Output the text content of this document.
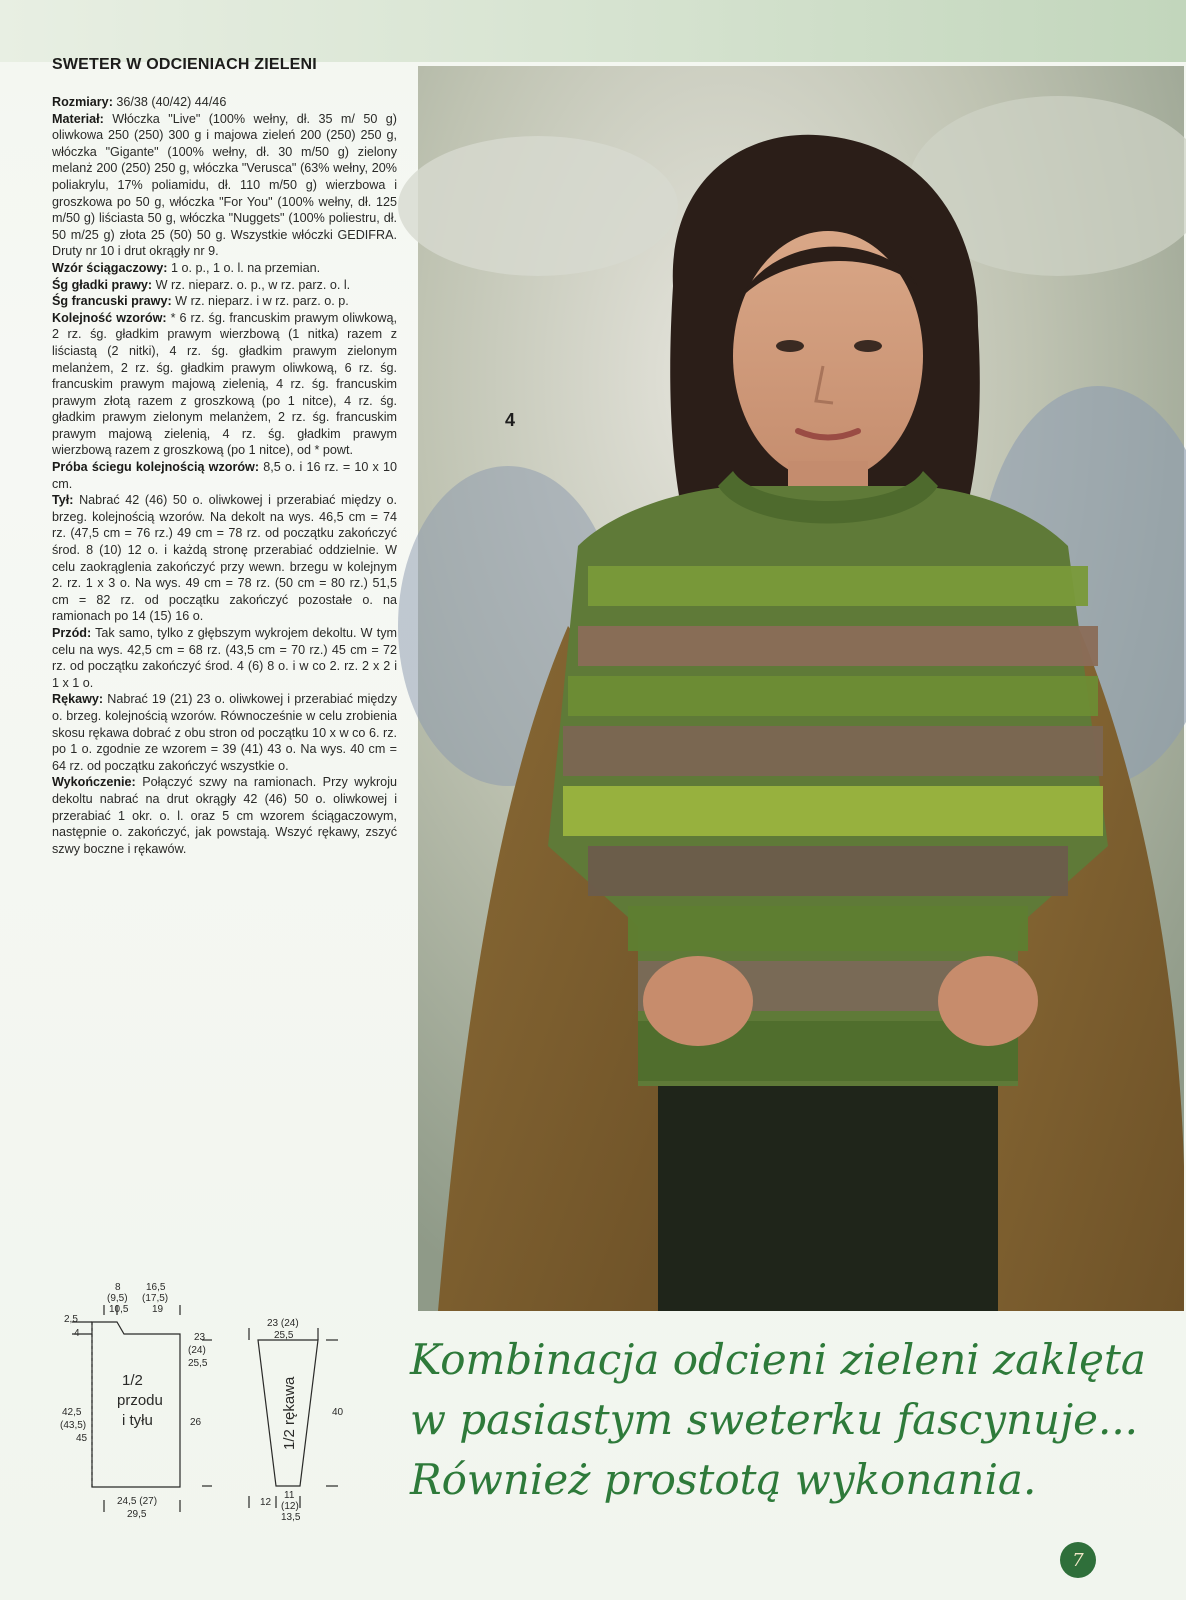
SWETER W ODCIENIACH ZIELENI

Rozmiary: 36/38 (40/42) 44/46

Materiał: Włóczka "Live" (100% wełny, dł. 35 m/ 50 g) oliwkowa 250 (250) 300 g i majowa zieleń 200 (250) 250 g, włóczka "Gigante" (100% wełny, dł. 30 m/50 g) zielony melanż 200 (250) 250 g, włóczka "Verusca" (63% wełny, 20% poliakrylu, 17% poliamidu, dł. 110 m/50 g) wierzbowa i groszkowa po 50 g, włóczka "For You" (100% wełny, dł. 125 m/50 g) liściasta 50 g, włóczka "Nuggets" (100% poliestru, dł. 50 m/25 g) złota 25 (50) 50 g. Wszystkie włóczki GEDIFRA. Druty nr 10 i drut okrągły nr 9.

Wzór ściągaczowy: 1 o. p., 1 o. l. na przemian.

Śg gładki prawy: W rz. nieparz. o. p., w rz. parz. o. l.

Śg francuski prawy: W rz. nieparz. i w rz. parz. o. p.

Kolejność wzorów: * 6 rz. śg. francuskim prawym oliwkową, 2 rz. śg. gładkim prawym wierzbową (1 nitka) razem z liściastą (2 nitki), 4 rz. śg. gładkim prawym zielonym melanżem, 2 rz. śg. gładkim prawym oliwkową, 6 rz. śg. francuskim prawym majową zielenią, 4 rz. śg. francuskim prawym złotą razem z groszkową (po 1 nitce), 4 rz. śg. gładkim prawym zielonym melanżem, 2 rz. śg. francuskim prawym majową zielenią, 4 rz. śg. gładkim prawym wierzbową razem z groszkową (po 1 nitce), od * powt.

Próba ściegu kolejnością wzorów: 8,5 o. i 16 rz. = 10 x 10 cm.

Tył: Nabrać 42 (46) 50 o. oliwkowej i przerabiać między o. brzeg. kolejnością wzorów. Na dekolt na wys. 46,5 cm = 74 rz. (47,5 cm = 76 rz.) 49 cm = 78 rz. od początku zakończyć środ. 8 (10) 12 o. i każdą stronę przerabiać oddzielnie. W celu zaokrąglenia zakończyć przy wewn. brzegu w kolejnym 2. rz. 1 x 3 o. Na wys. 49 cm = 78 rz. (50 cm = 80 rz.) 51,5 cm = 82 rz. od początku zakończyć pozostałe o. na ramionach po 14 (15) 16 o.

Przód: Tak samo, tylko z głębszym wykrojem dekoltu. W tym celu na wys. 42,5 cm = 68 rz. (43,5 cm = 70 rz.) 45 cm = 72 rz. od początku zakończyć środ. 4 (6) 8 o. i w co 2. rz. 2 x 2 i 1 x 1 o.

Rękawy: Nabrać 19 (21) 23 o. oliwkowej i przerabiać między o. brzeg. kolejnością wzorów. Równocześnie w celu zrobienia skosu rękawa dobrać z obu stron od początku 10 x w co 6. rz. po 1 o. zgodnie ze wzorem = 39 (41) 43 o. Na wys. 40 cm = 64 rz. od początku zakończyć wszystkie o.

Wykończenie: Połączyć szwy na ramionach. Przy wykroju dekoltu nabrać na drut okrągły 42 (46) 50 o. oliwkowej i przerabiać 1 okr. o. l. oraz 5 cm wzorem ściągaczowym, następnie o. zakończyć, jak powstają. Wszyć rękawy, zszyć szwy boczne i rękawów.

4
8	16,5
(9,5) (17,5)
10,5 19
2,5
4
42,5
(43,5)
45
23
(24)
25,5
26
24,5 (27)
29,5
1/2
przodu
i tyłu
23 (24)
25,5
40
12
11
(12)
13,5
1/2 rękawa
Kombinacja odcieni zieleni zaklęta
w pasiastym sweterku fascynuje...
Również prostotą wykonania.
7
